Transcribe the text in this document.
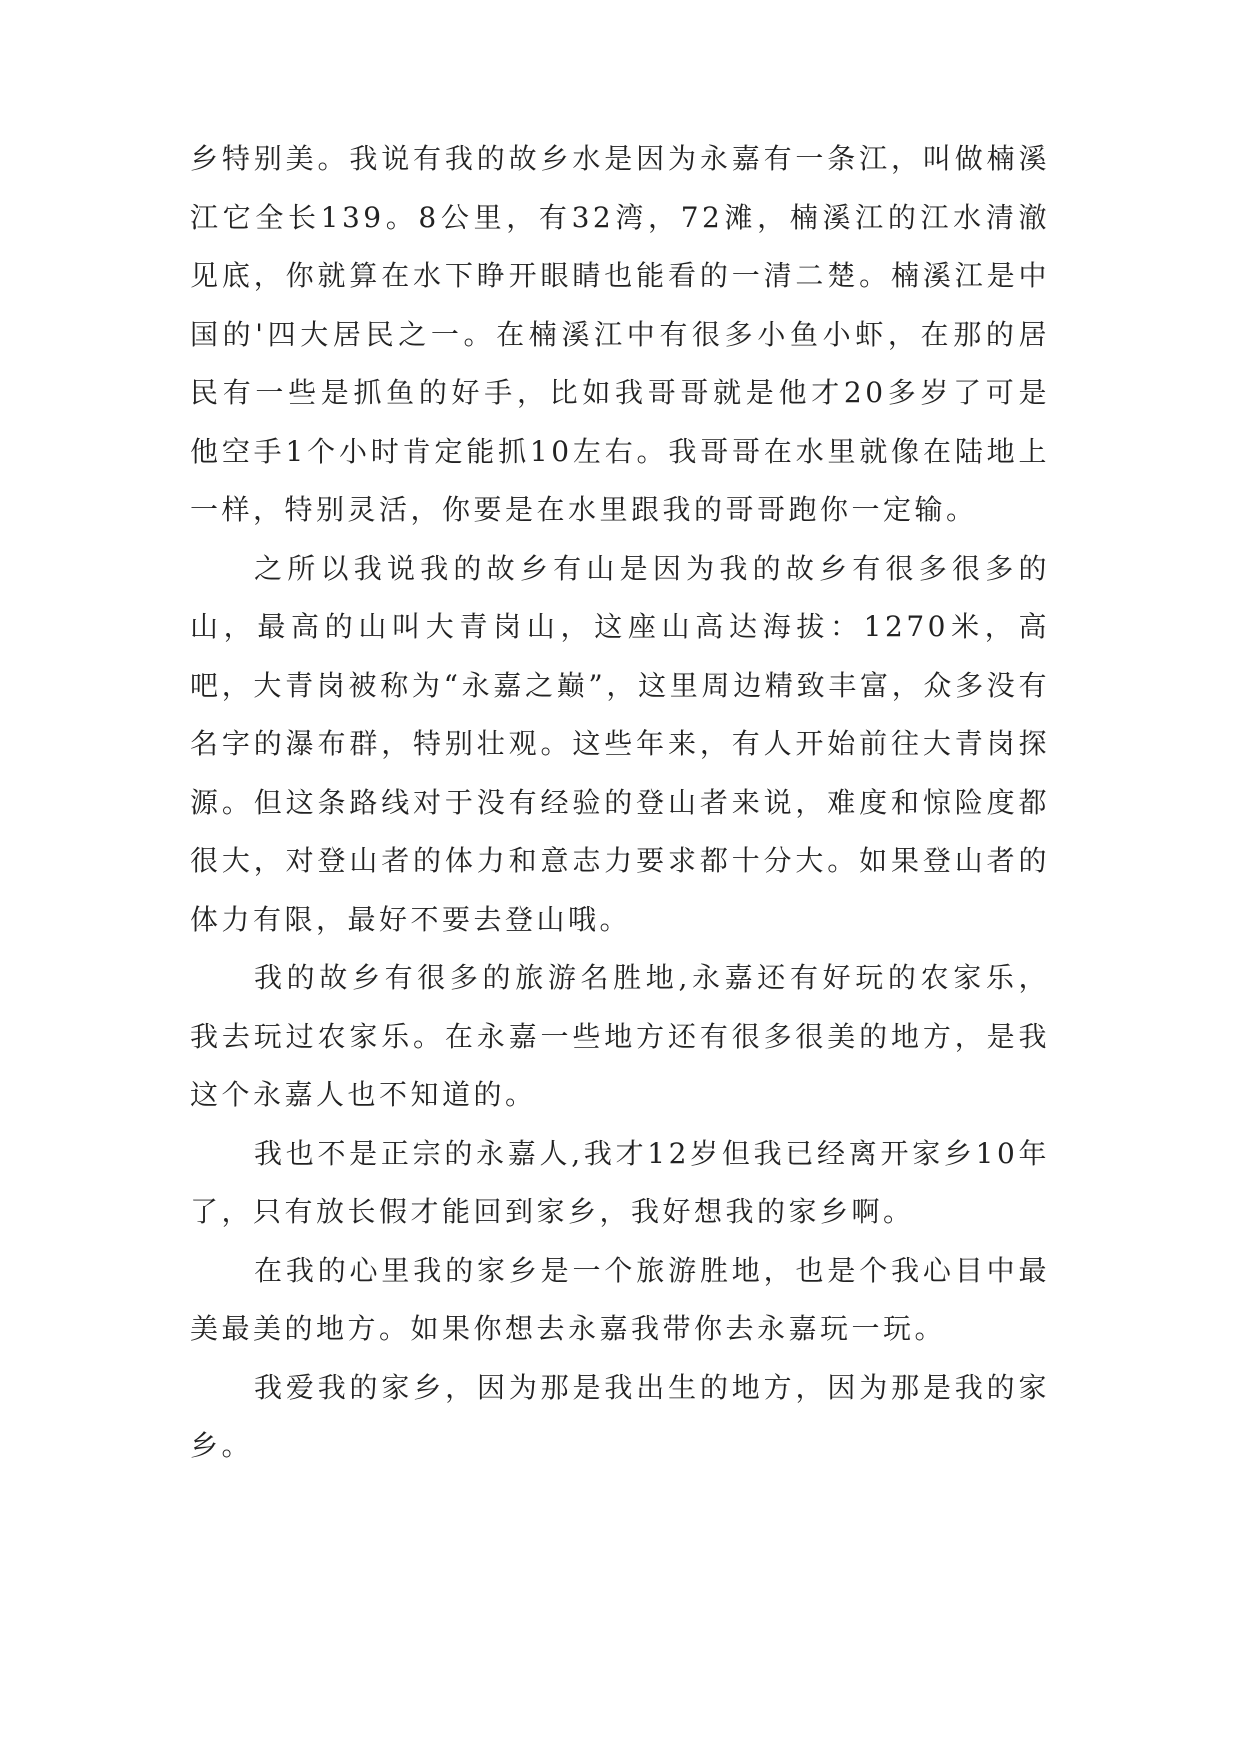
乡特别美。我说有我的故乡水是因为永嘉有一条江，叫做楠溪江它全长139。8公里，有32湾，72滩，楠溪江的江水清澈见底，你就算在水下睁开眼睛也能看的一清二楚。楠溪江是中国的'四大居民之一。在楠溪江中有很多小鱼小虾，在那的居民有一些是抓鱼的好手，比如我哥哥就是他才20多岁了可是他空手1个小时肯定能抓10左右。我哥哥在水里就像在陆地上一样，特别灵活，你要是在水里跟我的哥哥跑你一定输。

之所以我说我的故乡有山是因为我的故乡有很多很多的山，最高的山叫大青岗山，这座山高达海拔：1270米，高吧，大青岗被称为“永嘉之巅”，这里周边精致丰富，众多没有名字的瀑布群，特别壮观。这些年来，有人开始前往大青岗探源。但这条路线对于没有经验的登山者来说，难度和惊险度都很大，对登山者的体力和意志力要求都十分大。如果登山者的体力有限，最好不要去登山哦。

我的故乡有很多的旅游名胜地,永嘉还有好玩的农家乐，我去玩过农家乐。在永嘉一些地方还有很多很美的地方，是我这个永嘉人也不知道的。

我也不是正宗的永嘉人,我才12岁但我已经离开家乡10年了，只有放长假才能回到家乡，我好想我的家乡啊。

在我的心里我的家乡是一个旅游胜地，也是个我心目中最美最美的地方。如果你想去永嘉我带你去永嘉玩一玩。

我爱我的家乡，因为那是我出生的地方，因为那是我的家乡。
